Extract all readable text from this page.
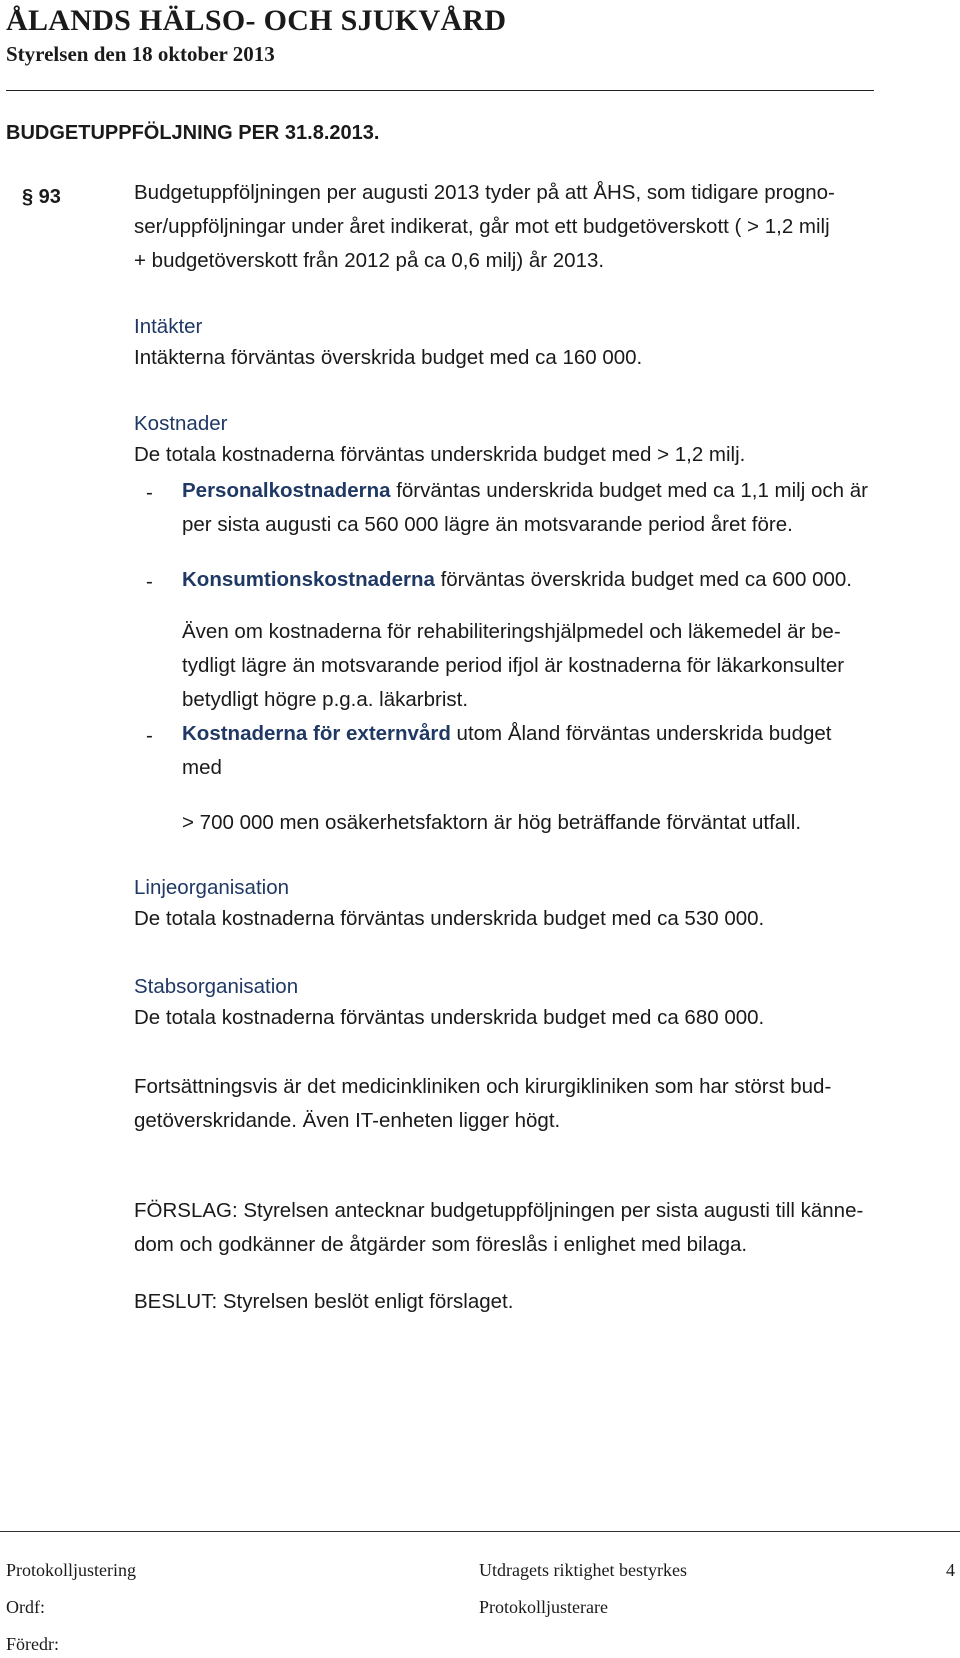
ÅLANDS HÄLSO- OCH SJUKVÅRD
Styrelsen den 18 oktober 2013
BUDGETUPPFÖLJNING PER 31.8.2013.
§ 93	Budgetuppföljningen per augusti 2013 tyder på att ÅHS, som tidigare progno-
ser/uppföljningar under året indikerat, går mot ett budgetöverskott ( > 1,2 milj
+ budgetöverskott från 2012 på ca 0,6 milj) år 2013.
Intäkter
Intäkterna förväntas överskrida budget med ca 160 000.
Kostnader
De totala kostnaderna förväntas underskrida budget med > 1,2 milj.
- Personalkostnaderna förväntas underskrida budget med ca 1,1 milj och är
per sista augusti ca 560 000 lägre än motsvarande period året före.
- Konsumtionskostnaderna förväntas överskrida budget med ca 600 000.
Även om kostnaderna för rehabiliteringshjälpmedel och läkemedel är be-
tydligt lägre än motsvarande period ifjol är kostnaderna för läkarkonsulter
betydligt högre p.g.a. läkarbrist.
- Kostnaderna för externvård utom Åland förväntas underskrida budget
med
> 700 000 men osäkerhetsfaktorn är hög beträffande förväntat utfall.
Linjeorganisation
De totala kostnaderna förväntas underskrida budget med ca 530 000.
Stabsorganisation
De totala kostnaderna förväntas underskrida budget med ca 680 000.
Fortsättningsvis är det medicinkliniken och kirurgikliniken som har störst bud-
getöverskridande. Även IT-enheten ligger högt.
FÖRSLAG: Styrelsen antecknar budgetuppföljningen per sista augusti till känne-
dom och godkänner de åtgärder som föreslås i enlighet med bilaga.
BESLUT: Styrelsen beslöt enligt förslaget.
Protokolljustering	Utdragets riktighet bestyrkes	4
Ordf:	Protokolljusterare
Föredr:
